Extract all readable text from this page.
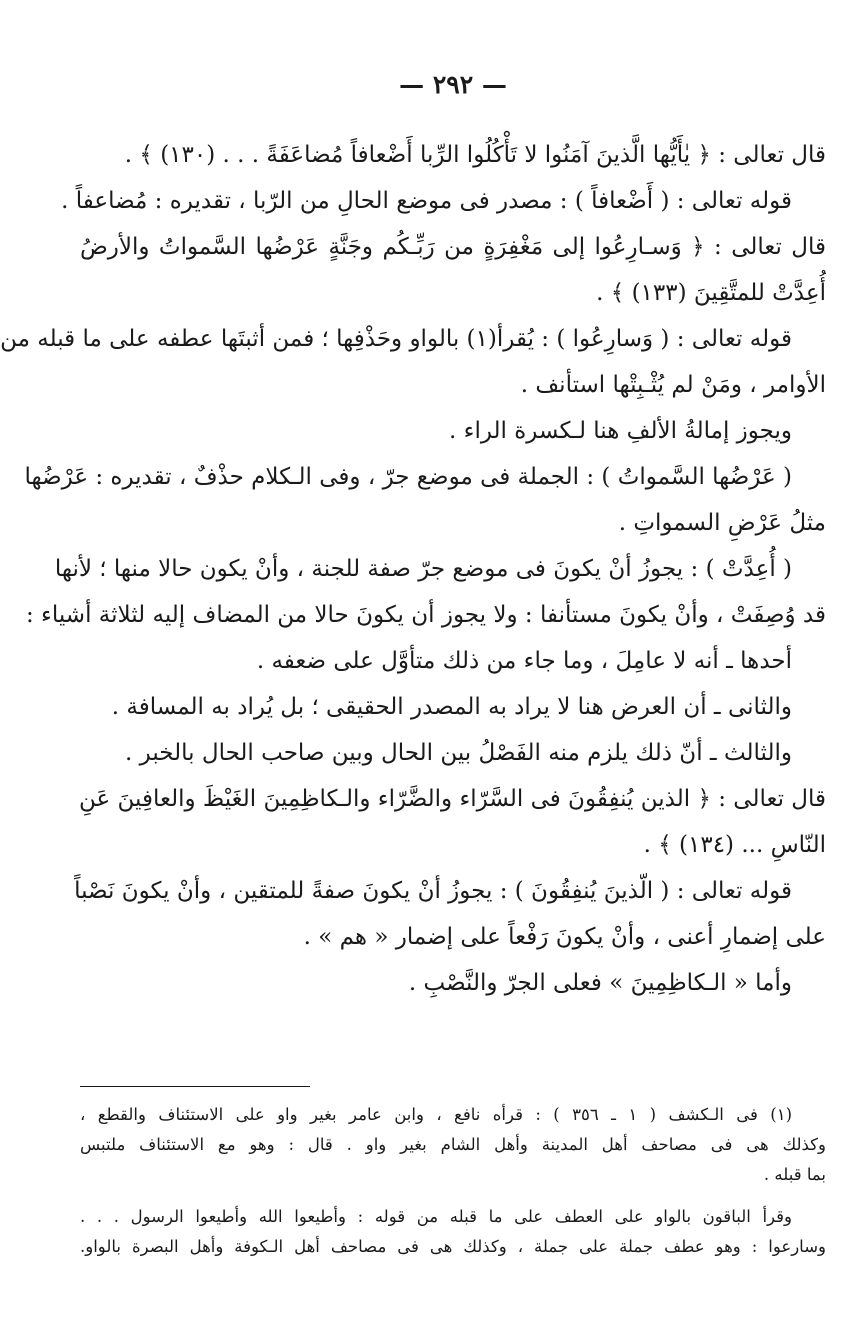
— ٢٩٢ —
قال تعالى : ﴿ يٰأَيُّها الَّذينَ آمَنُوا لا تَأْكُلُوا الرِّبا أَضْعافاً مُضاعَفَةً . . . (١٣٠) ﴾ .
قوله تعالى : ( أَضْعافاً ) : مصدر فى موضع الحالِ من الرّبا ، تقديره : مُضاعفاً .
قال تعالى : ﴿ وَسـارِعُوا إلى مَغْفِرَةٍ من رَبِّـكُم وجَنَّةٍ عَرْضُها السَّمواتُ والأرضُ
أُعِدَّتْ للمتَّقِينَ (١٣٣) ﴾ .
قوله تعالى : ( وَسارِعُوا ) : يُقرأ(١) بالواو وحَذْفِها ؛ فمن أثبتَها عطفه على ما قبله من
الأوامر ، ومَنْ لم يُثْـبِتْها استأنف .
ويجوز إمالةُ الألفِ هنا لـكسرة الراء .
( عَرْضُها السَّمواتُ ) : الجملة فى موضع جرّ ، وفى الـكلام حذْفٌ ، تقديره : عَرْضُها
مثلُ عَرْضِ السمواتِ .
( أُعِدَّتْ ) : يجوزُ أنْ يكونَ فى موضع جرّ صفة للجنة ، وأنْ يكون حالا منها ؛ لأنها
قد وُصِفَتْ ، وأنْ يكونَ مستأنفا : ولا يجوز أن يكونَ حالا من المضاف إليه لثلاثة أشياء :
أحدها ـ أنه لا عامِلَ ، وما جاء من ذلك متأوَّل على ضعفه .
والثانى ـ أن العرض هنا لا يراد به المصدر الحقيقى ؛ بل يُراد به المسافة .
والثالث ـ أنّ ذلك يلزم منه الفَصْلُ بين الحال وبين صاحب الحال بالخبر .
قال تعالى : ﴿ الذين يُنفِقُونَ فى السَّرّاء والضَّرّاء والـكاظِمِينَ الغَيْظَ والعافِينَ عَنِ
النّاسِ ... (١٣٤) ﴾ .
قوله تعالى : ( الّذينَ يُنفِقُونَ ) : يجوزُ أنْ يكونَ صفةً للمتقين ، وأنْ يكونَ نَصْباً
على إضمارِ أعنى ، وأنْ يكونَ رَفْعاً على إضمار « هم » .
وأما « الـكاظِمِينَ » فعلى الجرّ والنَّصْبِ .
(١) فى الـكشف ( ١ ـ ٣٥٦ ) : قرأه نافع ، وابن عامر بغير واو على الاستئناف والقطع ،
وكذلك هى فى مصاحف أهل المدينة وأهل الشام بغير واو . قال : وهو مع الاستئناف ملتبس
بما قبله .
وقرأ الباقون بالواو على العطف على ما قبله من قوله : وأطيعوا الله وأطيعوا الرسول . . .
وسارعوا : وهو عطف جملة على جملة ، وكذلك هى فى مصاحف أهل الـكوفة وأهل البصرة بالواو.
